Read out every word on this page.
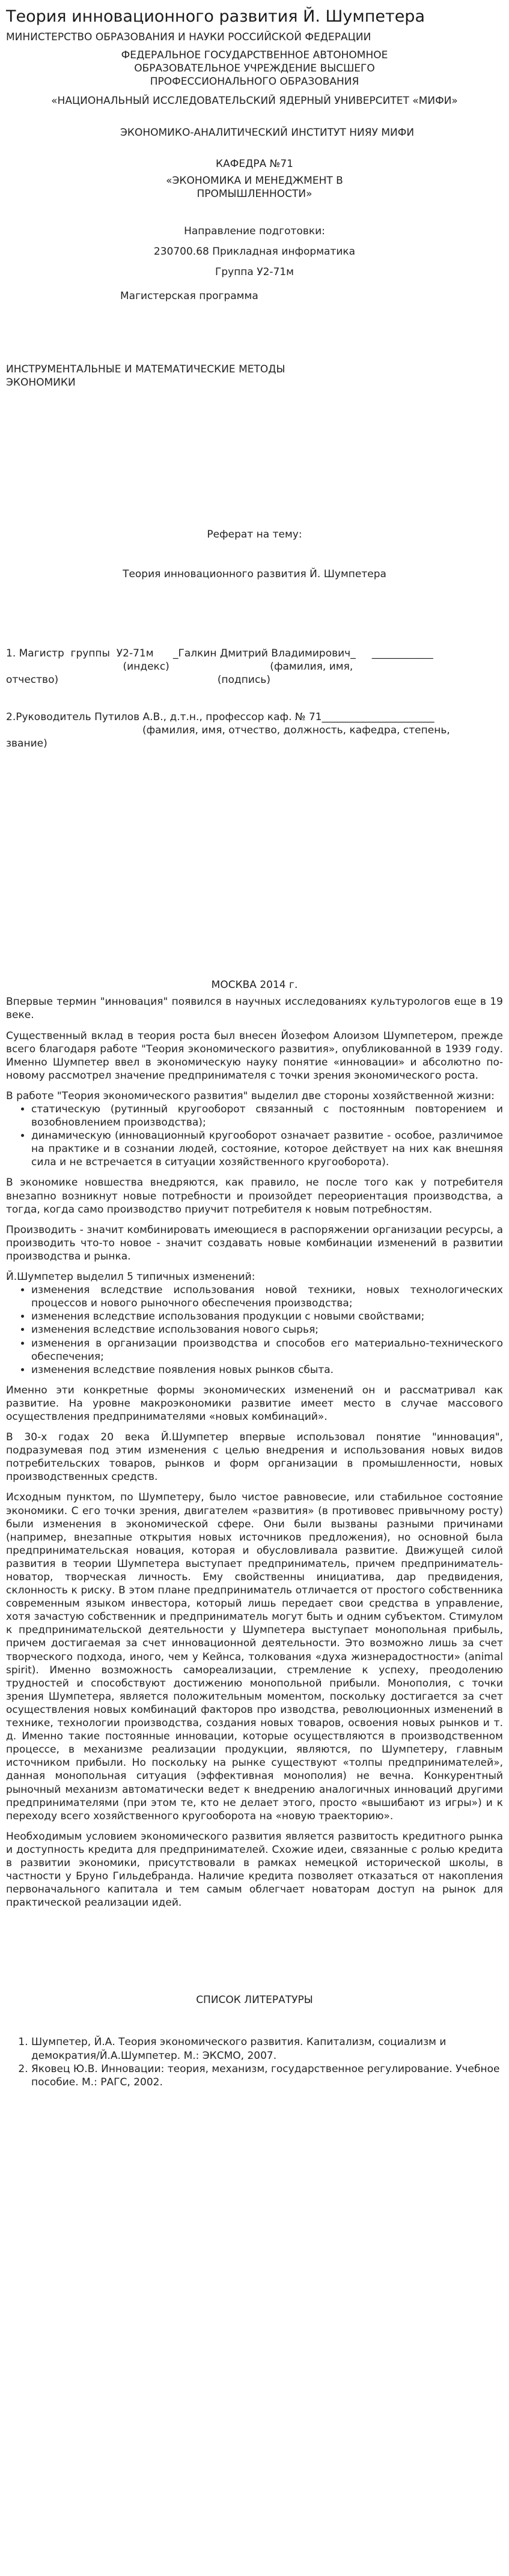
Теория инновационного развития Й. Шумпетера

МИНИСТЕРСТВО ОБРАЗОВАНИЯ И НАУКИ РОССИЙСКОЙ ФЕДЕРАЦИИ

ФЕДЕРАЛЬНОЕ ГОСУДАРСТВЕННОЕ АВТОНОМНОЕ ОБРАЗОВАТЕЛЬНОЕ УЧРЕЖДЕНИЕ ВЫСШЕГО ПРОФЕССИОНАЛЬНОГО ОБРАЗОВАНИЯ

«НАЦИОНАЛЬНЫЙ ИССЛЕДОВАТЕЛЬСКИЙ ЯДЕРНЫЙ УНИВЕРСИТЕТ «МИФИ»

ЭКОНОМИКО-АНАЛИТИЧЕСКИЙ ИНСТИТУТ НИЯУ МИФИ

КАФЕДРА №71

«ЭКОНОМИКА И МЕНЕДЖМЕНТ В ПРОМЫШЛЕННОСТИ»

Направление подготовки:

230700.68 Прикладная информатика

Группа У2-71м

Магистерская программа

ИНСТРУМЕНТАЛЬНЫЕ И МАТЕМАТИЧЕСКИЕ МЕТОДЫ ЭКОНОМИКИ

Реферат на тему:

Теория инновационного развития Й. Шумпетера

1. Магистр  группы  У2-71м      _Галкин Дмитрий Владимирович_     ____________

(индекс)                               (фамилия, имя,

отчество)                                                 (подпись)

2.Руководитель Путилов А.В., д.т.н., профессор каф. № 71______________________

(фамилия, имя, отчество, должность, кафедра, степень,

звание)

МОСКВА 2014 г.

Впервые термин "инновация" появился в научных исследованиях культурологов еще в 19 веке.

Существенный вклад в теория роста был внесен Йозефом Алоизом Шумпетером, прежде всего благодаря работе "Теория экономического развития», опубликованной в 1939 году. Именно Шумпетер ввел в экономическую науку понятие «инновации» и абсолютно по-новому рассмотрел значение предпринимателя с точки зрения экономического роста.

В работе "Теория экономического развития" выделил две стороны хозяйственной жизни:

• статическую (рутинный кругооборот связанный с постоянным повторением и возобновлением производства);
• динамическую (инновационный кругооборот означает развитие - особое, различимое на практике и в сознании людей, состояние, которое действует на них как внешняя сила и не встречается в ситуации хозяйственного кругооборота).

В экономике новшества внедряются, как правило, не после того как у потребителя внезапно возникнут новые потребности и произойдет переориентация производства, а тогда, когда само производство приучит потребителя к новым потребностям.

Производить - значит комбинировать имеющиеся в распоряжении организации ресурсы, а производить что-то новое - значит создавать новые комбинации изменений в развитии производства и рынка.

Й.Шумпетер выделил 5 типичных изменений:

• изменения вследствие использования новой техники, новых технологических процессов и нового рыночного обеспечения производства;
• изменения вследствие использования продукции с новыми свойствами;
• изменения вследствие использования нового сырья;
• изменения в организации производства и способов его материально-технического обеспечения;
• изменения вследствие появления новых рынков сбыта.

Именно эти конкретные формы экономических изменений он и рассматривал как развитие. На уровне макроэкономики развитие имеет место в случае массового осуществления предпринимателями «новых комбинаций».

В 30-х годах 20 века Й.Шумпетер впервые использовал понятие "инновация", подразумевая под этим изменения с целью внедрения и использования новых видов потребительских товаров, рынков и форм организации в промышленности, новых производственных средств.

Исходным пунктом, по Шумпетеру, было чистое равновесие, или стабильное состояние экономики. С его точки зрения, двигателем «развития» (в противовес привычному росту) были изменения в экономической сфере. Они были вызваны разными причинами (например, внезапные открытия новых источников предложения), но основной была предпринимательская новация, которая и обусловливала развитие. Движущей силой развития в теории Шумпетера выступает предприниматель, причем предприниматель-новатор, творческая личность. Ему свойственны инициатива, дар предвидения, склонность к риску. В этом плане предприниматель отличается от простого собственника современным языком инвестора, который лишь передает свои средства в управление, хотя зачастую собственник и предприниматель могут быть и одним субъектом. Стимулом к предпринимательской деятельности у Шумпетера выступает монопольная прибыль, причем достигаемая за счет инновационной деятельности. Это возможно лишь за счет творческого подхода, иного, чем у Кейнса, толкования «духа жизнерадостности» (animal spirit). Именно возможность самореализации, стремление к успеху, преодолению трудностей и способствуют достижению монопольной прибыли. Монополия, с точки зрения Шумпетера, является положительным моментом, поскольку достигается за счет осуществления новых комбинаций факторов про изводства, революционных изменений в технике, технологии производства, создания новых товаров, освоения новых рынков и т. д. Именно такие постоянные инновации, которые осуществляются в производственном процессе, в механизме реализации продукции, являются, по Шумпетеру, главным источником прибыли. Но поскольку на рынке существуют «толпы предпринимателей», данная монопольная ситуация (эффективная монополия) не вечна. Конкурентный рыночный механизм автоматически ведет к внедрению аналогичных инноваций другими предпринимателями (при этом те, кто не делает этого, просто «вышибают из игры») и к переходу всего хозяйственного кругооборота на «новую траекторию».

Необходимым условием экономического развития является развитость кредитного рынка и доступность кредита для предпринимателей. Схожие идеи, связанные с ролью кредита в развитии экономики, присутствовали в рамках немецкой исторической школы, в частности у Бруно Гильдебранда. Наличие кредита позволяет отказаться от накопления первоначального капитала и тем самым облегчает новаторам доступ на рынок для практической реализации идей.

СПИСОК ЛИТЕРАТУРЫ

1. Шумпетер, Й.А. Теория экономического развития. Капитализм, социализм и демократия/Й.А.Шумпетер. М.: ЭКСМО, 2007.
2. Яковец Ю.В. Инновации: теория, механизм, государственное регулирование. Учебное пособие. М.: РАГС, 2002.
